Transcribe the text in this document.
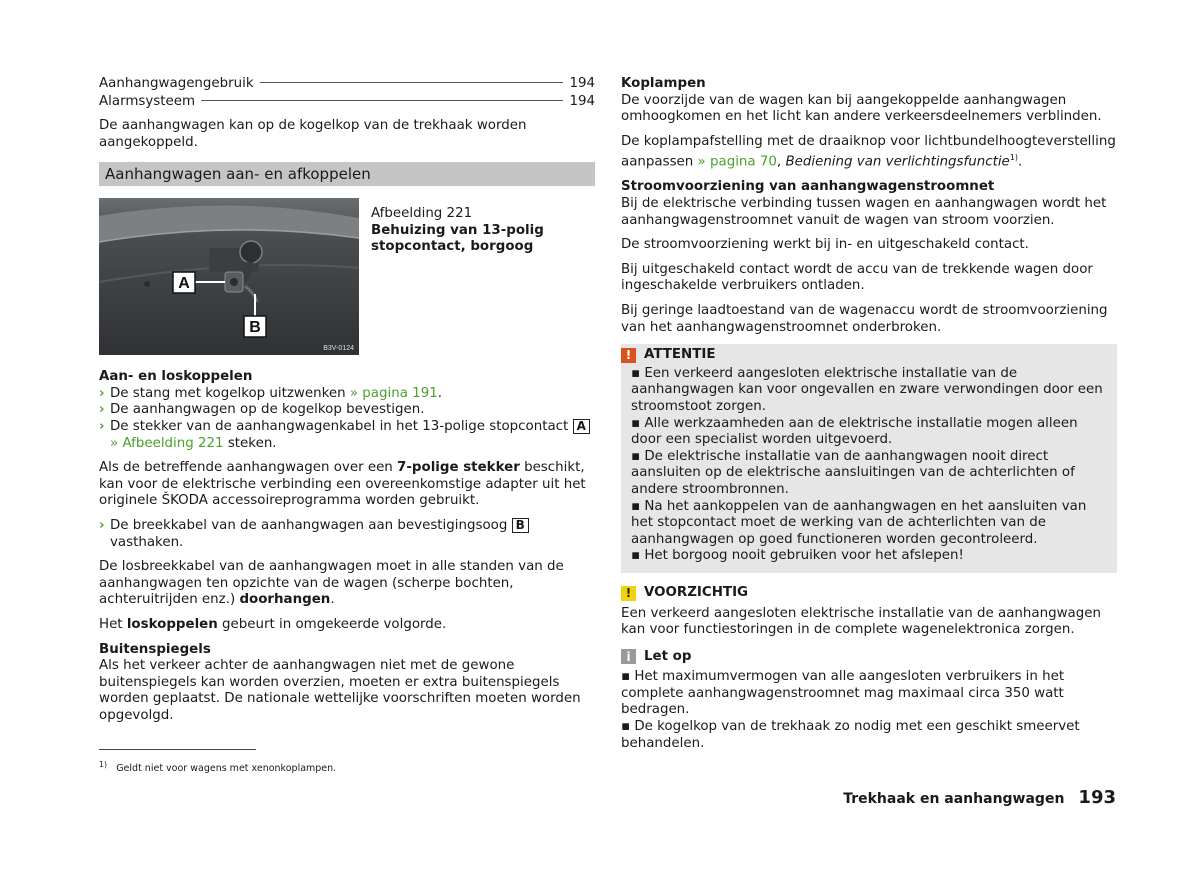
Aanhangwagengebruik	194
Alarmsysteem	194

De aanhangwagen kan op de kogelkop van de trekhaak worden aangekoppeld.

Aanhangwagen aan- en afkoppelen
A
B
B3V-0124
Afbeelding 221
Behuizing van 13-polig stopcontact, borgoog
Aan- en loskoppelen
› De stang met kogelkop uitzwenken » pagina 191.
› De aanhangwagen op de kogelkop bevestigen.
› De stekker van de aanhangwagenkabel in het 13-polige stopcontact A » Afbeelding 221 steken.

Als de betreffende aanhangwagen over een 7-polige stekker beschikt, kan voor de elektrische verbinding een overeenkomstige adapter uit het originele ŠKODA accessoireprogramma worden gebruikt.

› De breekkabel van de aanhangwagen aan bevestigingsoog B vasthaken.

De losbreekkabel van de aanhangwagen moet in alle standen van de aanhangwagen ten opzichte van de wagen (scherpe bochten, achteruitrijden enz.) doorhangen.

Het loskoppelen gebeurt in omgekeerde volgorde.

Buitenspiegels

Als het verkeer achter de aanhangwagen niet met de gewone buitenspiegels kan worden overzien, moeten er extra buitenspiegels worden geplaatst. De nationale wettelijke voorschriften moeten worden opgevolgd.

Koplampen

De voorzijde van de wagen kan bij aangekoppelde aanhangwagen omhoogkomen en het licht kan andere verkeersdeelnemers verblinden.

De koplampafstelling met de draaiknop voor lichtbundelhoogteverstelling aanpassen » pagina 70, Bediening van verlichtingsfunctie$^{1)}$.

Stroomvoorziening van aanhangwagenstroomnet

Bij de elektrische verbinding tussen wagen en aanhangwagen wordt het aanhangwagenstroomnet vanuit de wagen van stroom voorzien.

De stroomvoorziening werkt bij in- en uitgeschakeld contact.

Bij uitgeschakeld contact wordt de accu van de trekkende wagen door ingeschakelde verbruikers ontladen.

Bij geringe laadtoestand van de wagenaccu wordt de stroomvoorziening van het aanhangwagenstroomnet onderbroken.

! ATTENTIE
▪ Een verkeerd aangesloten elektrische installatie van de aanhangwagen kan voor ongevallen en zware verwondingen door een stroomstoot zorgen.
▪ Alle werkzaamheden aan de elektrische installatie mogen alleen door een specialist worden uitgevoerd.
▪ De elektrische installatie van de aanhangwagen nooit direct aansluiten op de elektrische aansluitingen van de achterlichten of andere stroombronnen.
▪ Na het aankoppelen van de aanhangwagen en het aansluiten van het stopcontact moet de werking van de achterlichten van de aanhangwagen op goed functioneren worden gecontroleerd.
▪ Het borgoog nooit gebruiken voor het afslepen!
! VOORZICHTIG

Een verkeerd aangesloten elektrische installatie van de aanhangwagen kan voor functiestoringen in de complete wagenelektronica zorgen.

i	Let op
▪ Het maximumvermogen van alle aangesloten verbruikers in het complete aanhangwagenstroomnet mag maximaal circa 350 watt bedragen.
▪ De kogelkop van de trekhaak zo nodig met een geschikt smeervet behandelen.
$^{1)}$ Geldt niet voor wagens met xenonkoplampen.
Trekhaak en aanhangwagen 193
